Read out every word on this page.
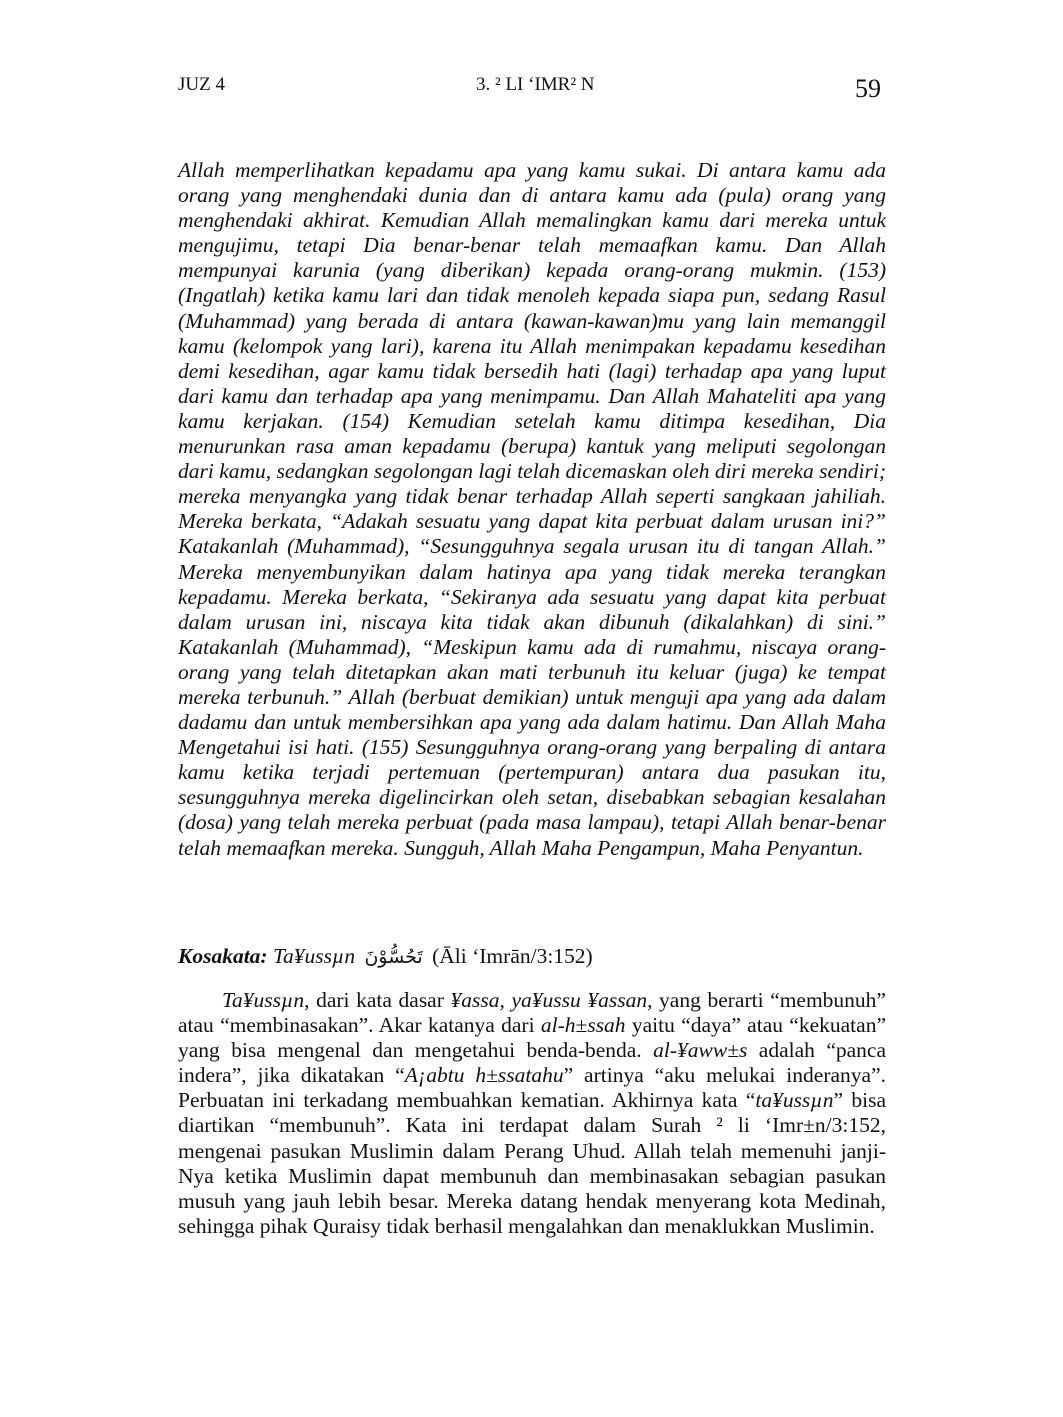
JUZ 4	3. ² LI ‘IMR² N	59

Allah memperlihatkan kepadamu apa yang kamu sukai. Di antara kamu ada orang yang menghendaki dunia dan di antara kamu ada (pula) orang yang menghendaki akhirat. Kemudian Allah memalingkan kamu dari mereka untuk mengujimu, tetapi Dia benar-benar telah memaafkan kamu. Dan Allah mempunyai karunia (yang diberikan) kepada orang-orang mukmin. (153) (Ingatlah) ketika kamu lari dan tidak menoleh kepada siapa pun, sedang Rasul (Muhammad) yang berada di antara (kawan-kawan)mu yang lain memanggil kamu (kelompok yang lari), karena itu Allah menimpakan kepadamu kesedihan demi kesedihan, agar kamu tidak bersedih hati (lagi) terhadap apa yang luput dari kamu dan terhadap apa yang menimpamu. Dan Allah Mahateliti apa yang kamu kerjakan. (154) Kemudian setelah kamu ditimpa kesedihan, Dia menurunkan rasa aman kepadamu (berupa) kantuk yang meliputi segolongan dari kamu, sedangkan segolongan lagi telah dicemaskan oleh diri mereka sendiri; mereka menyangka yang tidak benar terhadap Allah seperti sangkaan jahiliah. Mereka berkata, “Adakah sesuatu yang dapat kita perbuat dalam urusan ini?” Katakanlah (Muhammad), “Sesungguhnya segala urusan itu di tangan Allah.” Mereka menyembunyikan dalam hatinya apa yang tidak mereka terangkan kepadamu. Mereka berkata, “Sekiranya ada sesuatu yang dapat kita perbuat dalam urusan ini, niscaya kita tidak akan dibunuh (dikalahkan) di sini.” Katakanlah (Muhammad), “Meskipun kamu ada di rumahmu, niscaya orang-orang yang telah ditetapkan akan mati terbunuh itu keluar (juga) ke tempat mereka terbunuh.” Allah (berbuat demikian) untuk menguji apa yang ada dalam dadamu dan untuk membersihkan apa yang ada dalam hatimu. Dan Allah Maha Mengetahui isi hati. (155) Sesungguhnya orang-orang yang berpaling di antara kamu ketika terjadi pertemuan (pertempuran) antara dua pasukan itu, sesungguhnya mereka digelincirkan oleh setan, disebabkan sebagian kesalahan (dosa) yang telah mereka perbuat (pada masa lampau), tetapi Allah benar-benar telah memaafkan mereka. Sungguh, Allah Maha Pengampun, Maha Penyantun.

Kosakata: Ta¥ussµn تَحُسُّوْنَ (Āli ‘Imrān/3:152)

Ta¥ussµn, dari kata dasar ¥assa, ya¥ussu ¥assan, yang berarti “membunuh” atau “membinasakan”. Akar katanya dari al-h±ssah yaitu “daya” atau “kekuatan” yang bisa mengenal dan mengetahui benda-benda. al-¥aww±s adalah “panca indera”, jika dikatakan “A¡abtu h±ssatahu” artinya “aku melukai inderanya”. Perbuatan ini terkadang membuahkan kematian. Akhirnya kata “ta¥ussµn” bisa diartikan “membunuh”. Kata ini terdapat dalam Surah ² li ‘Imr±n/3:152, mengenai pasukan Muslimin dalam Perang Uhud. Allah telah memenuhi janji-Nya ketika Muslimin dapat membunuh dan membinasakan sebagian pasukan musuh yang jauh lebih besar. Mereka datang hendak menyerang kota Medinah, sehingga pihak Quraisy tidak berhasil mengalahkan dan menaklukkan Muslimin.
